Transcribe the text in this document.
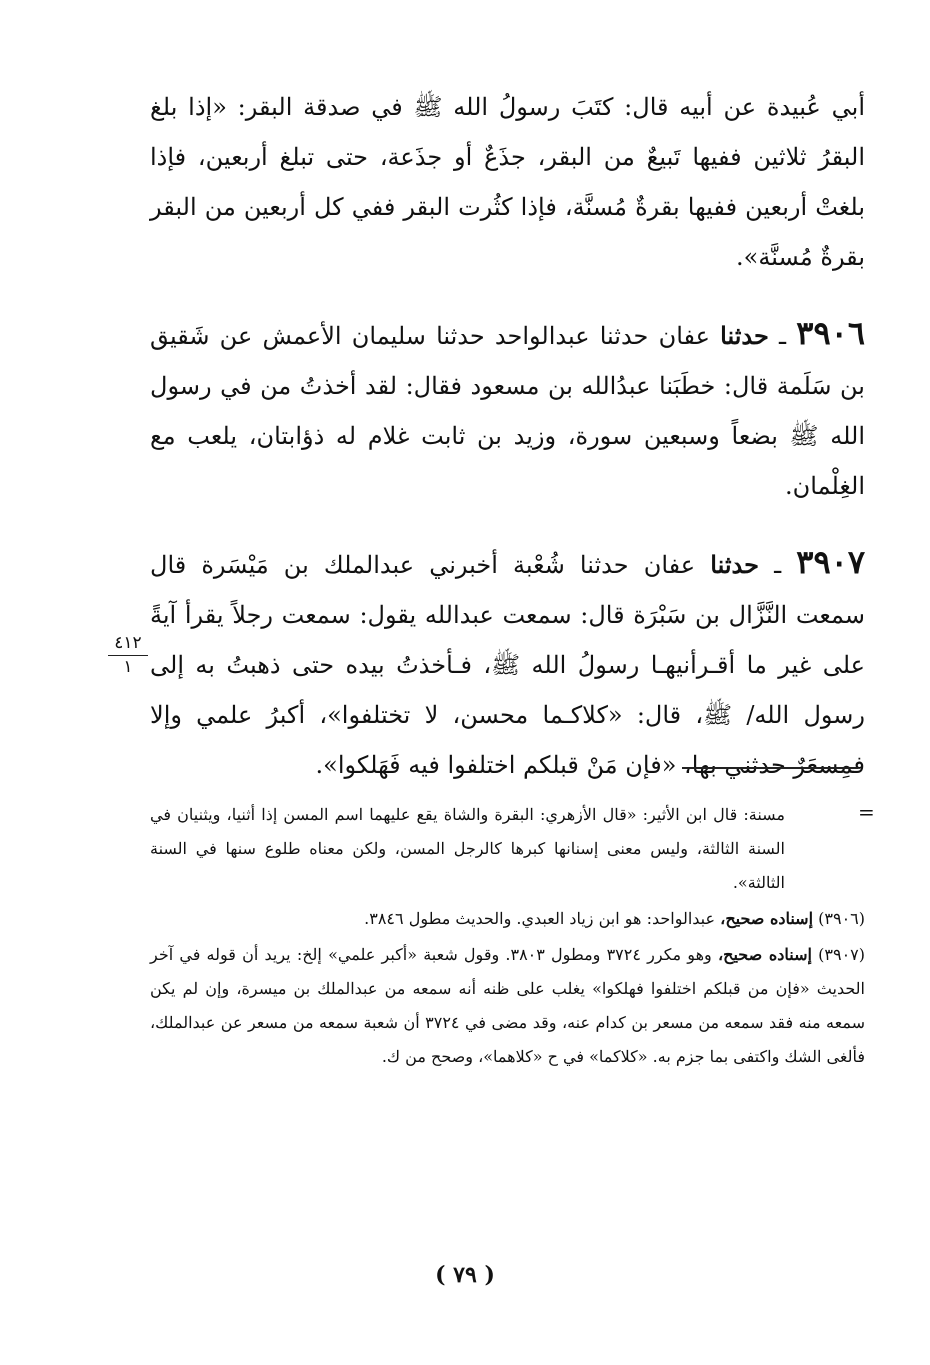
أبي عُبيدة عن أبيه قال: كتَبَ رسولُ الله ﷺ في صدقة البقر: «إذا بلغ البقرُ ثلاثين ففيها تَبيعٌ من البقر، جذَعٌ أو جذَعة، حتى تبلغ أربعين، فإذا بلغتْ أربعين ففيها بقرةٌ مُسنَّة، فإذا كثُرت البقر ففي كل أربعين من البقر بقرةٌ مُسنَّة».

٣٩٠٦ ـ حدثنا عفان حدثنا عبدالواحد حدثنا سليمان الأعمش عن شَقيق بن سَلَمة قال: خطَبَنا عبدُالله بن مسعود فقال: لقد أخذتُ من في رسول الله ﷺ بضعاً وسبعين سورة، وزيد بن ثابت غلام له ذؤابتان، يلعب مع الغِلْمان.

٣٩٠٧ ـ حدثنا عفان حدثنا شُعْبة أخبرني عبدالملك بن مَيْسَرة قال سمعت النَّزَّال بن سَبْرَة قال: سمعت عبدالله يقول: سمعت رجلاً يقرأ آيةً على غير ما أقـرأنيهـا رسولُ الله ﷺ، فـأخذتُ بيده حتى ذهبتُ به إلى رسول الله/ ﷺ، قال: «كلاكـما محسن، لا تختلفوا»، أكبرُ علمي وإلا فمِسعَرٌ حدثني بها، «فإن مَنْ قبلكم اختلفوا فيه فَهَلكوا».

٤١٢
١

مسنة: قال ابن الأثير: «قال الأزهري: البقرة والشاة يقع عليهما اسم المسن إذا أثنيا، ويثنيان في السنة الثالثة، وليس معنى إسنانها كبرها كالرجل المسن، ولكن معناه طلوع سنها في السنة الثالثة».

(٣٩٠٦) إسناده صحيح، عبدالواحد: هو ابن زياد العبدي. والحديث مطول ٣٨٤٦.

(٣٩٠٧) إسناده صحيح، وهو مكرر ٣٧٢٤ ومطول ٣٨٠٣. وقول شعبة «أكبر علمي» إلخ: يريد أن قوله في آخر الحديث «فإن من قبلكم اختلفوا فهلكوا» يغلب على ظنه أنه سمعه من عبدالملك بن ميسرة، وإن لم يكن سمعه منه فقد سمعه من مسعر بن كدام عنه، وقد مضى في ٣٧٢٤ أن شعبة سمعه من مسعر عن عبدالملك، فألغى الشك واكتفى بما جزم به. «كلاكما» في ح «كلاهما»، وصحح من ك.

=
( ٧٩ )
